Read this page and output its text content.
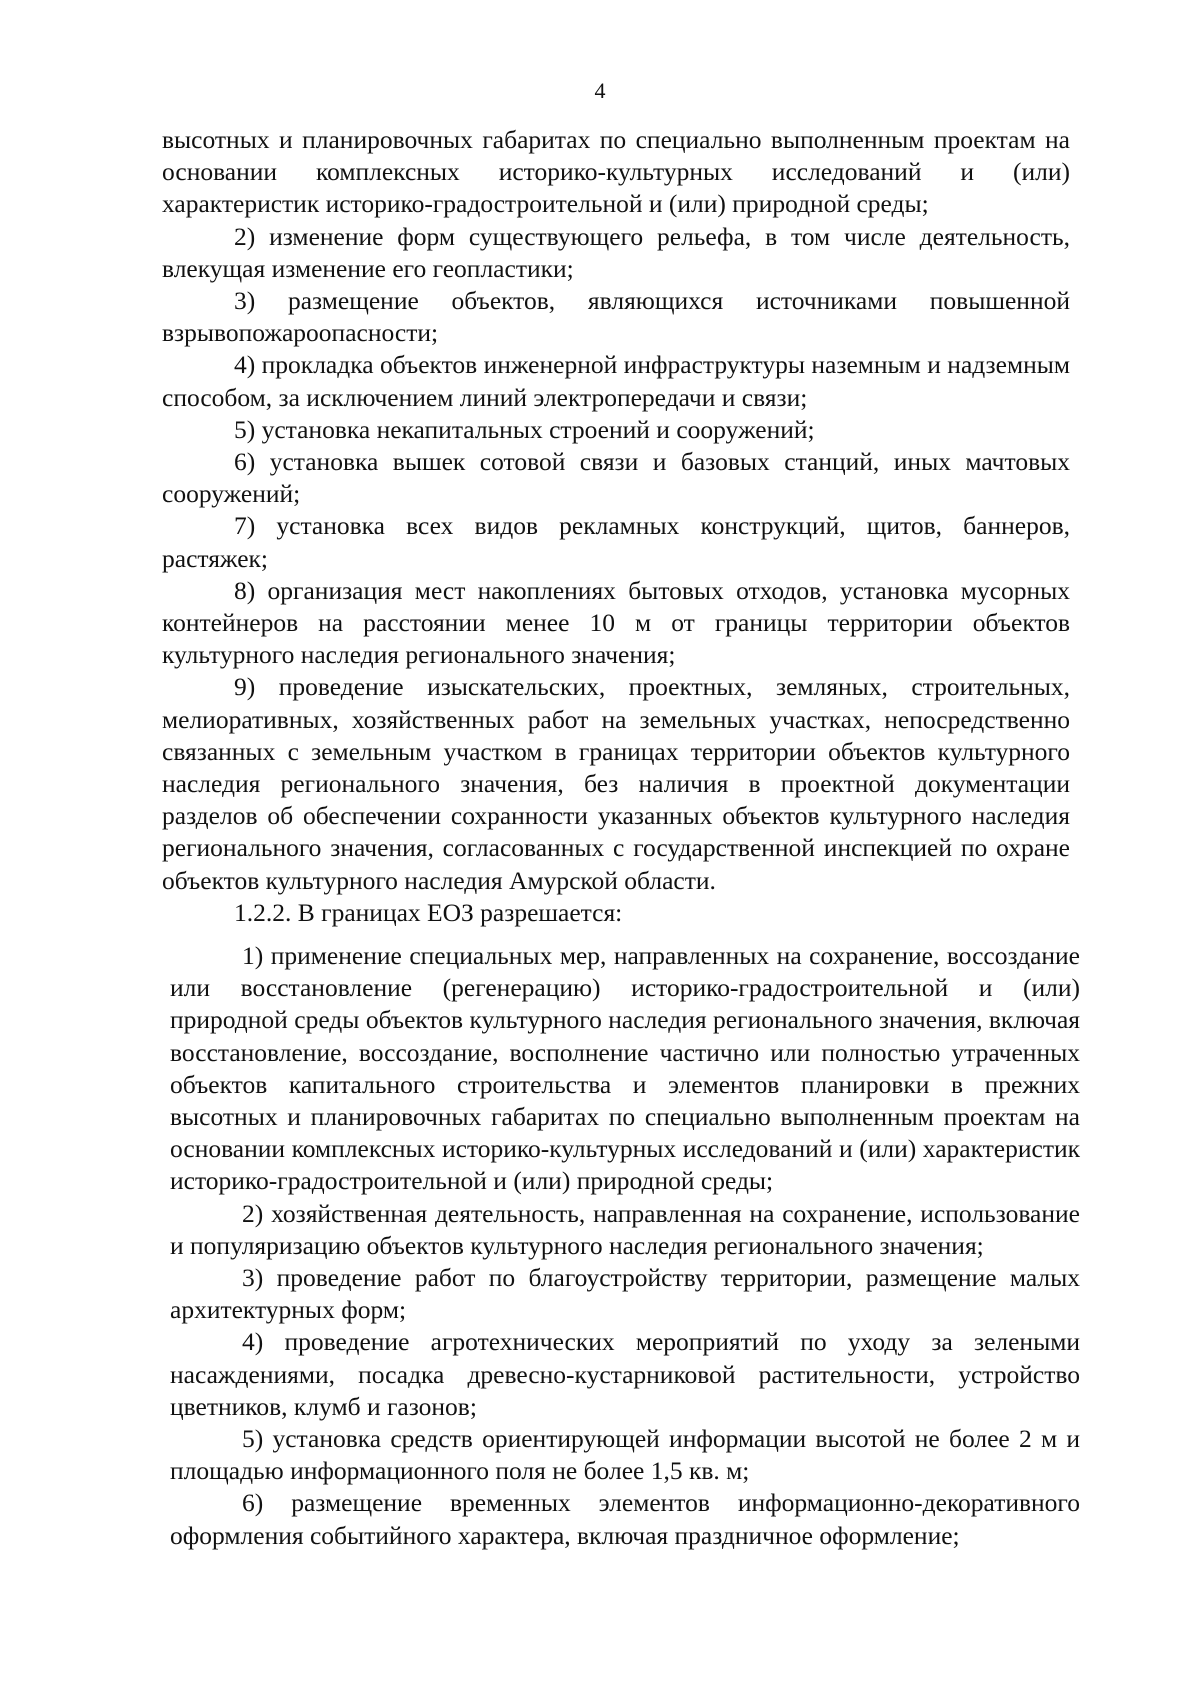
4

высотных и планировочных габаритах по специально выполненным проектам на основании комплексных историко-культурных исследований и (или) характеристик историко-градостроительной и (или) природной среды;

2) изменение форм существующего рельефа, в том числе деятельность, влекущая изменение его геопластики;

3) размещение объектов, являющихся источниками повышенной взрывопожароопасности;

4) прокладка объектов инженерной инфраструктуры наземным и надземным способом, за исключением линий электропередачи и связи;

5) установка некапитальных строений и сооружений;

6) установка вышек сотовой связи и базовых станций, иных мачтовых сооружений;

7) установка всех видов рекламных конструкций, щитов, баннеров, растяжек;

8) организация мест накоплениях бытовых отходов, установка мусорных контейнеров на расстоянии менее 10 м от границы территории объектов культурного наследия регионального значения;

9) проведение изыскательских, проектных, земляных, строительных, мелиоративных, хозяйственных работ на земельных участках, непосредственно связанных с земельным участком в границах территории объектов культурного наследия регионального значения, без наличия в проектной документации разделов об обеспечении сохранности указанных объектов культурного наследия регионального значения, согласованных с государственной инспекцией по охране объектов культурного наследия Амурской области.

1.2.2. В границах ЕОЗ разрешается:

1) применение специальных мер, направленных на сохранение, воссоздание или восстановление (регенерацию) историко-градостроительной и (или) природной среды объектов культурного наследия регионального значения, включая восстановление, воссоздание, восполнение частично или полностью утраченных объектов капитального строительства и элементов планировки в прежних высотных и планировочных габаритах по специально выполненным проектам на основании комплексных историко-культурных исследований и (или) характеристик историко-градостроительной и (или) природной среды;

2) хозяйственная деятельность, направленная на сохранение, использование и популяризацию объектов культурного наследия регионального значения;

3) проведение работ по благоустройству территории, размещение малых архитектурных форм;

4) проведение агротехнических мероприятий по уходу за зелеными насаждениями, посадка древесно-кустарниковой растительности, устройство цветников, клумб и газонов;

5) установка средств ориентирующей информации высотой не более 2 м и площадью информационного поля не более 1,5 кв. м;

6) размещение временных элементов информационно-декоративного оформления событийного характера, включая праздничное оформление;
